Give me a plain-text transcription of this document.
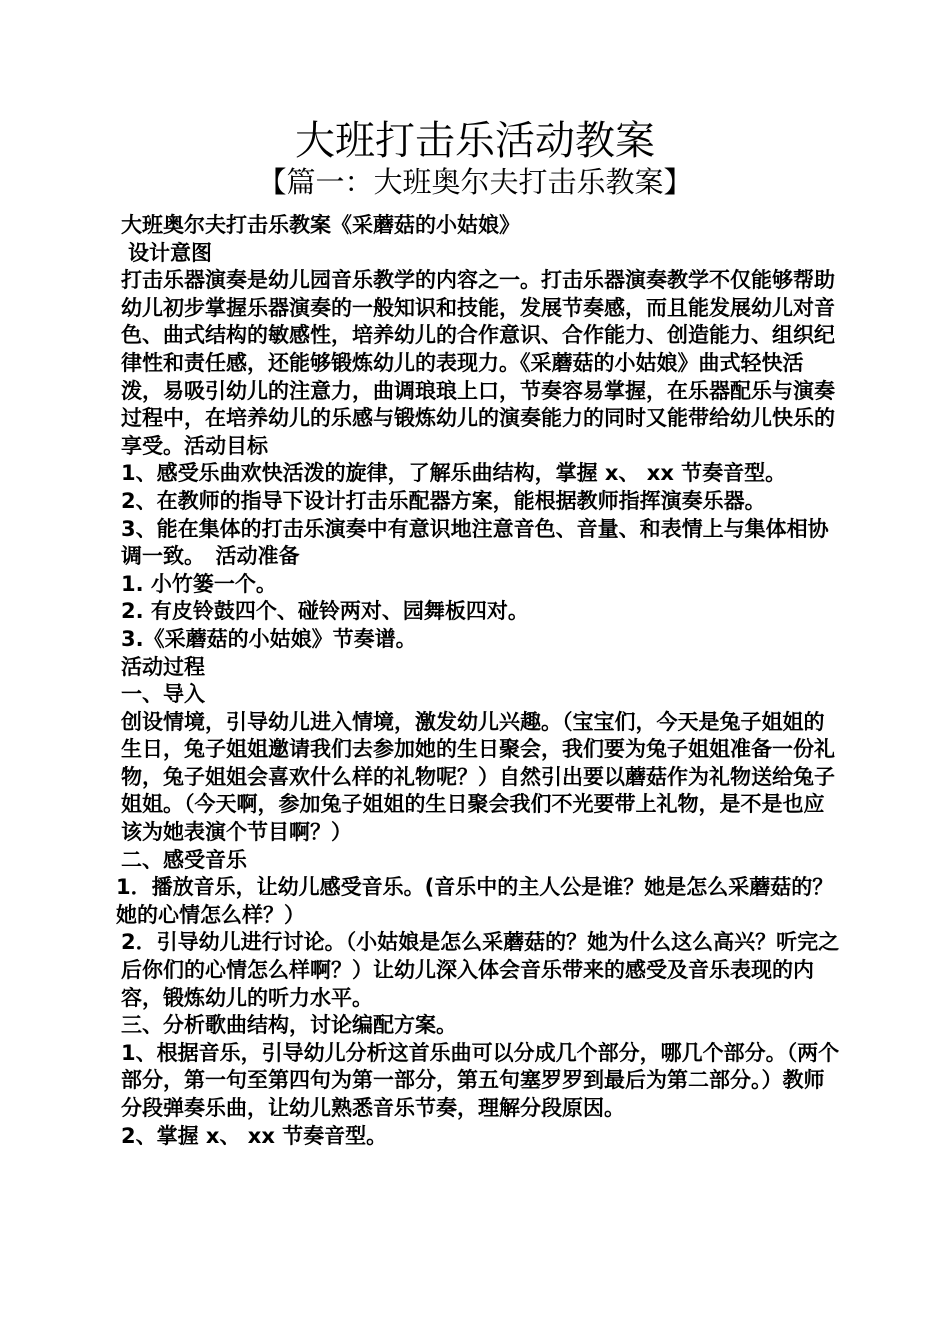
大班打击乐活动教案
【篇一：大班奥尔夫打击乐教案】

大班奥尔夫打击乐教案《采蘑菇的小姑娘》

设计意图

打击乐器演奏是幼儿园音乐教学的内容之一。打击乐器演奏教学不仅能够帮助幼儿初步掌握乐器演奏的一般知识和技能，发展节奏感，而且能发展幼儿对音色、曲式结构的敏感性，培养幼儿的合作意识、合作能力、创造能力、组织纪律性和责任感，还能够锻炼幼儿的表现力。《采蘑菇的小姑娘》曲式轻快活泼，易吸引幼儿的注意力，曲调琅琅上口，节奏容易掌握，在乐器配乐与演奏过程中，在培养幼儿的乐感与锻炼幼儿的演奏能力的同时又能带给幼儿快乐的享受。活动目标

1、感受乐曲欢快活泼的旋律，了解乐曲结构，掌握 x、 xx 节奏音型。

2、在教师的指导下设计打击乐配器方案，能根据教师指挥演奏乐器。

3、能在集体的打击乐演奏中有意识地注意音色、音量、和表情上与集体相协调一致。　活动准备

1. 小竹篓一个。

2. 有皮铃鼓四个、碰铃两对、园舞板四对。

3.《采蘑菇的小姑娘》节奏谱。

活动过程

一、导入

创设情境，引导幼儿进入情境，激发幼儿兴趣。（宝宝们，今天是兔子姐姐的生日，兔子姐姐邀请我们去参加她的生日聚会，我们要为兔子姐姐准备一份礼物，兔子姐姐会喜欢什么样的礼物呢？）自然引出要以蘑菇作为礼物送给兔子姐姐。（今天啊，参加兔子姐姐的生日聚会我们不光要带上礼物，是不是也应该为她表演个节目啊？）

二、感受音乐

1．播放音乐，让幼儿感受音乐。(音乐中的主人公是谁？她是怎么采蘑菇的？她的心情怎么样？）

2．引导幼儿进行讨论。（小姑娘是怎么采蘑菇的？她为什么这么高兴？听完之后你们的心情怎么样啊？）让幼儿深入体会音乐带来的感受及音乐表现的内容，锻炼幼儿的听力水平。

三、分析歌曲结构，讨论编配方案。

1、根据音乐，引导幼儿分析这首乐曲可以分成几个部分，哪几个部分。（两个部分，第一句至第四句为第一部分，第五句塞罗罗到最后为第二部分。）教师分段弹奏乐曲，让幼儿熟悉音乐节奏，理解分段原因。

2、掌握 x、 xx 节奏音型。
